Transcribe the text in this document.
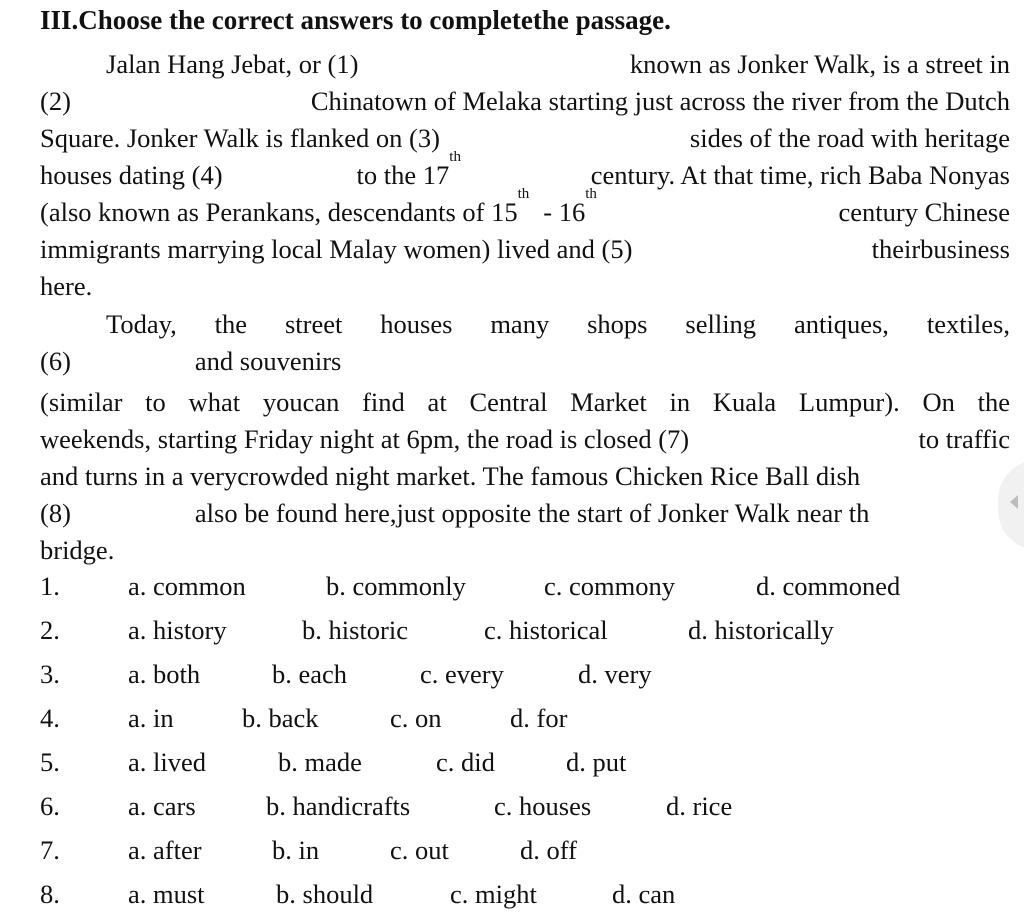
III.Choose the correct answers to completethe passage.
Jalan Hang Jebat, or (1)	known as Jonker Walk, is a street in
(2)	Chinatown of Melaka starting just across the river from the Dutch
Square. Jonker Walk is flanked on (3)	sides of the road with heritage
houses dating (4)	to the 17
th
century. At that time, rich Baba Nonyas
(also known as Perankans, descendants of 15
th
- 16
th
century Chinese
immigrants marrying local Malay women) lived and (5)	theirbusiness
here.
Today, the street houses many shops selling antiques, textiles,
(6)	and souvenirs
(similar to what youcan find at Central Market in Kuala Lumpur). On the
weekends, starting Friday night at 6pm, the road is closed (7)	to traffic
and turns in a verycrowded night market. The famous Chicken Rice Ball dish
(8)	also be found here,just opposite the start of Jonker Walk near th
bridge.
1.	a. common	b. commonly	c. commony	d. commoned
2.	a. history	b. historic	c. historical	d. historically
3.	a. both	b. each	c. every	d. very
4.	a. in	b. back	c. on	d. for
5.	a. lived	b. made	c. did	d. put
6.	a. cars	b. handicrafts	c. houses	d. rice
7.	a. after	b. in	c. out	d. off
8.	a. must	b. should	c. might	d. can
